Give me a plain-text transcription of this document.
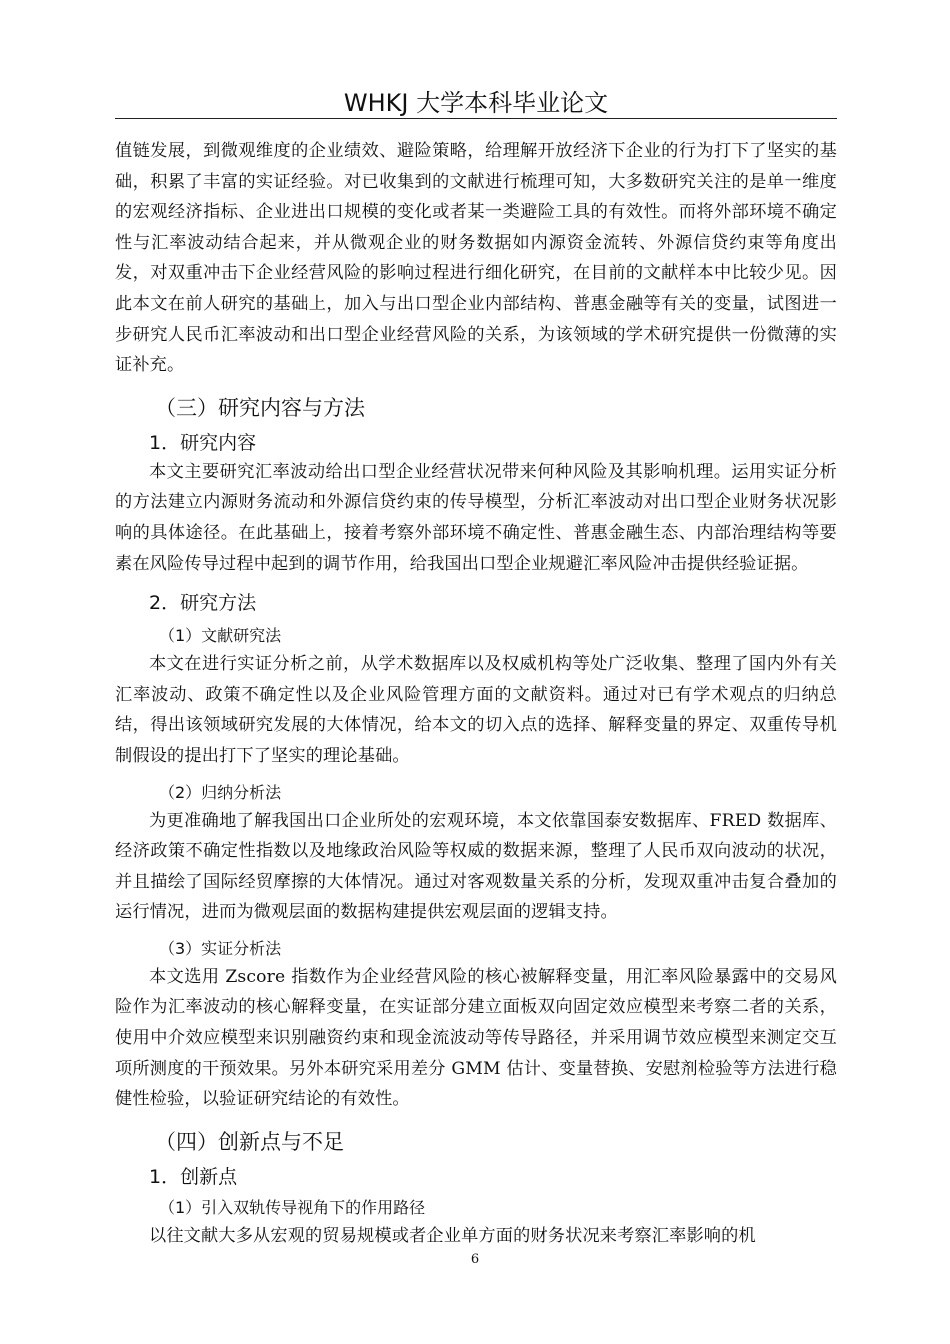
WHKJ 大学本科毕业论文

值链发展，到微观维度的企业绩效、避险策略，给理解开放经济下企业的行为打下了坚实的基础，积累了丰富的实证经验。对已收集到的文献进行梳理可知，大多数研究关注的是单一维度的宏观经济指标、企业进出口规模的变化或者某一类避险工具的有效性。而将外部环境不确定性与汇率波动结合起来，并从微观企业的财务数据如内源资金流转、外源信贷约束等角度出发，对双重冲击下企业经营风险的影响过程进行细化研究，在目前的文献样本中比较少见。因此本文在前人研究的基础上，加入与出口型企业内部结构、普惠金融等有关的变量，试图进一步研究人民币汇率波动和出口型企业经营风险的关系，为该领域的学术研究提供一份微薄的实证补充。

（三）研究内容与方法
1．研究内容

本文主要研究汇率波动给出口型企业经营状况带来何种风险及其影响机理。运用实证分析的方法建立内源财务流动和外源信贷约束的传导模型，分析汇率波动对出口型企业财务状况影响的具体途径。在此基础上，接着考察外部环境不确定性、普惠金融生态、内部治理结构等要素在风险传导过程中起到的调节作用，给我国出口型企业规避汇率风险冲击提供经验证据。

2．研究方法
（1）文献研究法

本文在进行实证分析之前，从学术数据库以及权威机构等处广泛收集、整理了国内外有关汇率波动、政策不确定性以及企业风险管理方面的文献资料。通过对已有学术观点的归纳总结，得出该领域研究发展的大体情况，给本文的切入点的选择、解释变量的界定、双重传导机制假设的提出打下了坚实的理论基础。

（2）归纳分析法

为更准确地了解我国出口企业所处的宏观环境，本文依靠国泰安数据库、FRED 数据库、经济政策不确定性指数以及地缘政治风险等权威的数据来源，整理了人民币双向波动的状况，并且描绘了国际经贸摩擦的大体情况。通过对客观数量关系的分析，发现双重冲击复合叠加的运行情况，进而为微观层面的数据构建提供宏观层面的逻辑支持。

（3）实证分析法

本文选用 Zscore 指数作为企业经营风险的核心被解释变量，用汇率风险暴露中的交易风险作为汇率波动的核心解释变量，在实证部分建立面板双向固定效应模型来考察二者的关系，使用中介效应模型来识别融资约束和现金流波动等传导路径，并采用调节效应模型来测定交互项所测度的干预效果。另外本研究采用差分 GMM 估计、变量替换、安慰剂检验等方法进行稳健性检验，以验证研究结论的有效性。

（四）创新点与不足
1．创新点
（1）引入双轨传导视角下的作用路径

以往文献大多从宏观的贸易规模或者企业单方面的财务状况来考察汇率影响的机

6
